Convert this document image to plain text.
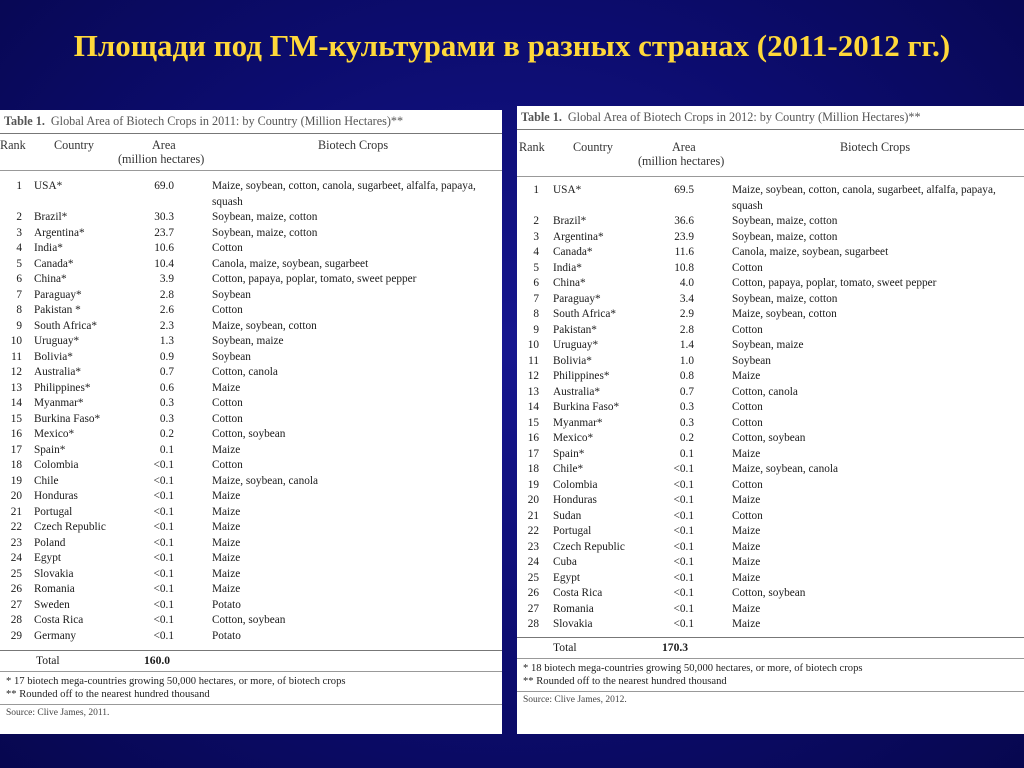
Площади под ГМ-культурами в разных странах (2011-2012 гг.)
Table 1. Global Area of Biotech Crops in 2011: by Country (Million Hectares)**
Rank Country	Area
(million hectares)
Biotech Crops
1 USA*	69.0	Maize, soybean, cotton, canola, sugarbeet, alfalfa, papaya, squash
2 Brazil*	30.3	Soybean, maize, cotton
3 Argentina*	23.7	Soybean, maize, cotton
4 India*	10.6	Cotton
5 Canada*	10.4	Canola, maize, soybean, sugarbeet
6 China*	3.9	Cotton, papaya, poplar, tomato, sweet pepper
7 Paraguay*	2.8	Soybean
8 Pakistan *	2.6	Cotton
9 South Africa*	2.3	Maize, soybean, cotton
10 Uruguay*	1.3	Soybean, maize
11 Bolivia*	0.9	Soybean
12 Australia*	0.7	Cotton, canola
13 Philippines*	0.6	Maize
14 Myanmar*	0.3	Cotton
15 Burkina Faso*	0.3	Cotton
16 Mexico*	0.2	Cotton, soybean
17 Spain*	0.1	Maize
18 Colombia	<0.1	Cotton
19 Chile	<0.1	Maize, soybean, canola
20 Honduras	<0.1	Maize
21 Portugal	<0.1	Maize
22 Czech Republic	<0.1	Maize
23 Poland	<0.1	Maize
24 Egypt	<0.1	Maize
25 Slovakia	<0.1	Maize
26 Romania	<0.1	Maize
27 Sweden	<0.1	Potato
28 Costa Rica	<0.1	Cotton, soybean
29 Germany	<0.1	Potato
Total	160.0
* 17 biotech mega-countries growing 50,000 hectares, or more, of biotech crops
** Rounded off to the nearest hundred thousand
Source: Clive James, 2011.
Table 1. Global Area of Biotech Crops in 2012: by Country (Million Hectares)**
Rank Country	Area
(million hectares)
Biotech Crops
1 USA*	69.5	Maize, soybean, cotton, canola, sugarbeet, alfalfa, papaya, squash
2 Brazil*	36.6	Soybean, maize, cotton
3 Argentina*	23.9	Soybean, maize, cotton
4 Canada*	11.6	Canola, maize, soybean, sugarbeet
5 India*	10.8	Cotton
6 China*	4.0	Cotton, papaya, poplar, tomato, sweet pepper
7 Paraguay*	3.4	Soybean, maize, cotton
8 South Africa*	2.9	Maize, soybean, cotton
9 Pakistan*	2.8	Cotton
10 Uruguay*	1.4	Soybean, maize
11 Bolivia*	1.0	Soybean
12 Philippines*	0.8	Maize
13 Australia*	0.7	Cotton, canola
14 Burkina Faso*	0.3	Cotton
15 Myanmar*	0.3	Cotton
16 Mexico*	0.2	Cotton, soybean
17 Spain*	0.1	Maize
18 Chile*	<0.1	Maize, soybean, canola
19 Colombia	<0.1	Cotton
20 Honduras	<0.1	Maize
21 Sudan	<0.1	Cotton
22 Portugal	<0.1	Maize
23 Czech Republic	<0.1	Maize
24 Cuba	<0.1	Maize
25 Egypt	<0.1	Maize
26 Costa Rica	<0.1	Cotton, soybean
27 Romania	<0.1	Maize
28 Slovakia	<0.1	Maize
Total	170.3
* 18 biotech mega-countries growing 50,000 hectares, or more, of biotech crops
** Rounded off to the nearest hundred thousand
Source: Clive James, 2012.
